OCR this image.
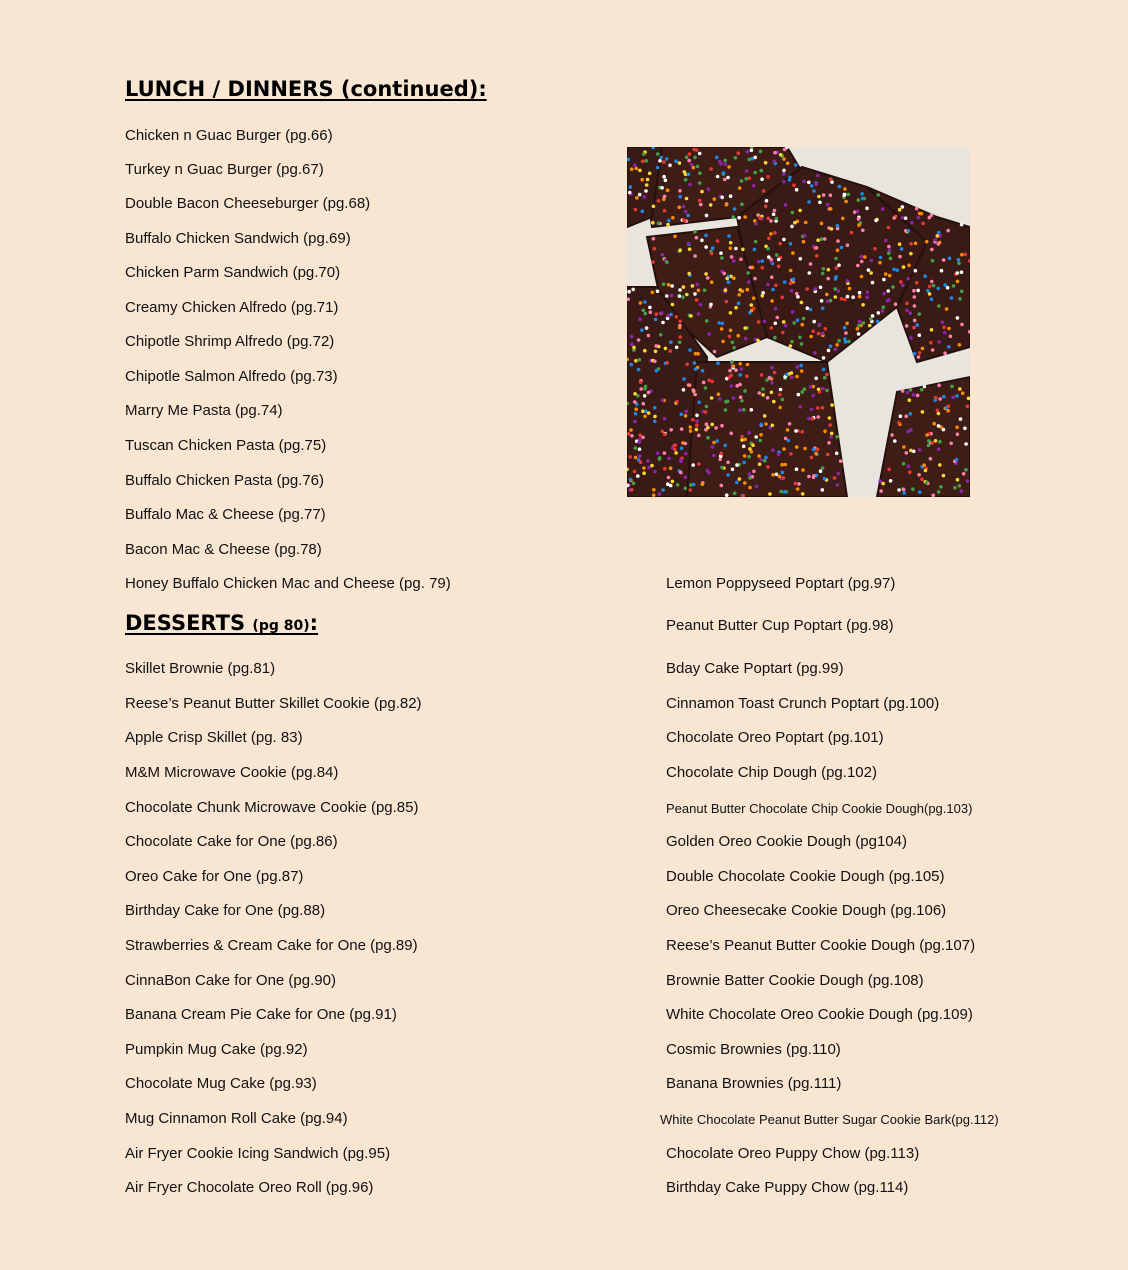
LUNCH / DINNERS (continued):
Chicken n Guac Burger (pg.66)
Turkey n Guac Burger (pg.67)
Double Bacon Cheeseburger (pg.68)
Buffalo Chicken Sandwich (pg.69)
Chicken Parm Sandwich (pg.70)
Creamy Chicken Alfredo (pg.71)
Chipotle Shrimp Alfredo (pg.72)
Chipotle Salmon Alfredo (pg.73)
Marry Me Pasta (pg.74)
Tuscan Chicken Pasta (pg.75)
Buffalo Chicken Pasta (pg.76)
Buffalo Mac & Cheese (pg.77)
Bacon Mac & Cheese (pg.78)
Honey Buffalo Chicken Mac and Cheese (pg. 79)
DESSERTS (pg 80):
Skillet Brownie (pg.81)
Reese’s Peanut Butter Skillet Cookie (pg.82)
Apple Crisp Skillet (pg. 83)
M&M Microwave Cookie (pg.84)
Chocolate Chunk Microwave Cookie (pg.85)
Chocolate Cake for One (pg.86)
Oreo Cake for One (pg.87)
Birthday Cake for One (pg.88)
Strawberries & Cream Cake for One (pg.89)
CinnaBon Cake for One (pg.90)
Banana Cream Pie Cake for One (pg.91)
Pumpkin Mug Cake (pg.92)
Chocolate Mug Cake (pg.93)
Mug Cinnamon Roll Cake (pg.94)
Air Fryer Cookie Icing Sandwich (pg.95)
Air Fryer Chocolate Oreo Roll (pg.96)
Lemon Poppyseed Poptart (pg.97)
Peanut Butter Cup Poptart (pg.98)
Bday Cake Poptart (pg.99)
Cinnamon Toast Crunch Poptart (pg.100)
Chocolate Oreo Poptart (pg.101)
Chocolate Chip Dough (pg.102)
Peanut Butter Chocolate Chip Cookie Dough(pg.103)
Golden Oreo Cookie Dough (pg104)
Double Chocolate Cookie Dough (pg.105)
Oreo Cheesecake Cookie Dough (pg.106)
Reese’s Peanut Butter Cookie Dough (pg.107)
Brownie Batter Cookie Dough (pg.108)
White Chocolate Oreo Cookie Dough (pg.109)
Cosmic Brownies (pg.110)
Banana Brownies (pg.111)
White Chocolate Peanut Butter Sugar Cookie Bark(pg.112)
Chocolate Oreo Puppy Chow (pg.113)
Birthday Cake Puppy Chow (pg.114)
